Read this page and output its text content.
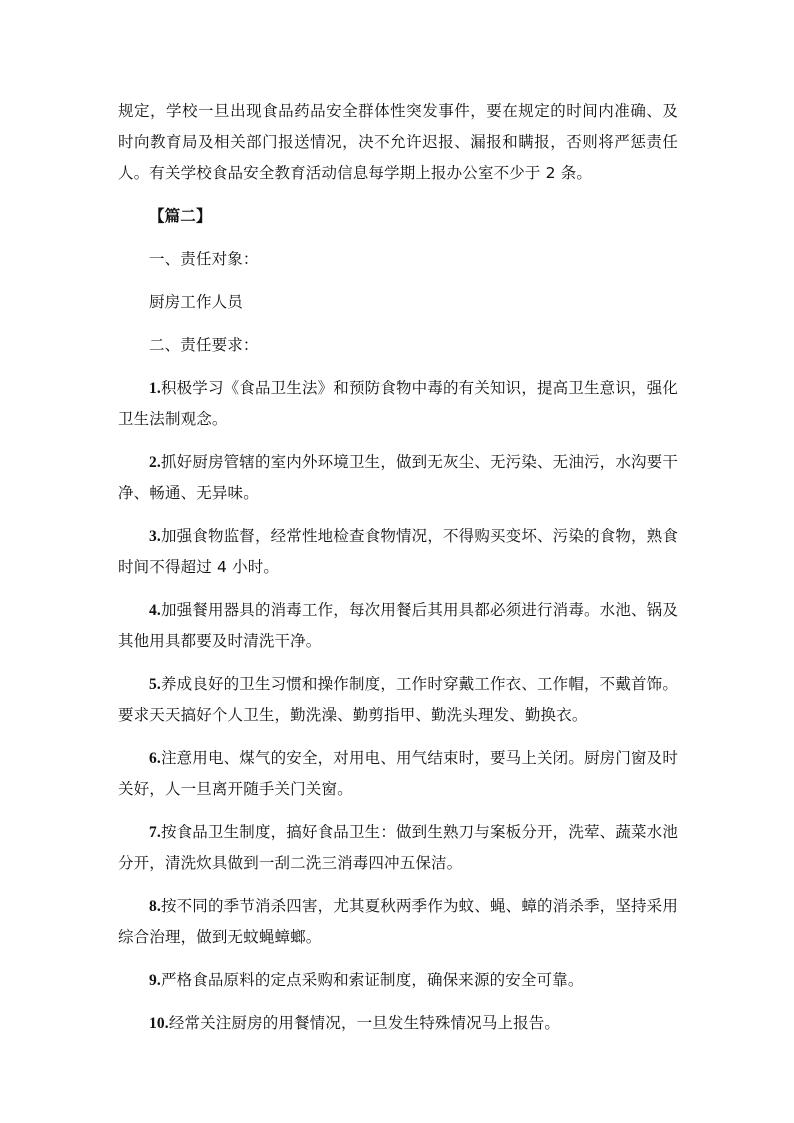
规定，学校一旦出现食品药品安全群体性突发事件，要在规定的时间内准确、及时向教育局及相关部门报送情况，决不允许迟报、漏报和瞒报，否则将严惩责任人。有关学校食品安全教育活动信息每学期上报办公室不少于 2 条。

【篇二】

一、责任对象：

厨房工作人员

二、责任要求：

1.积极学习《食品卫生法》和预防食物中毒的有关知识，提高卫生意识，强化卫生法制观念。

2.抓好厨房管辖的室内外环境卫生，做到无灰尘、无污染、无油污，水沟要干净、畅通、无异味。

3.加强食物监督，经常性地检查食物情况，不得购买变坏、污染的食物，熟食时间不得超过 4 小时。

4.加强餐用器具的消毒工作，每次用餐后其用具都必须进行消毒。水池、锅及其他用具都要及时清洗干净。

5.养成良好的卫生习惯和操作制度，工作时穿戴工作衣、工作帽，不戴首饰。要求天天搞好个人卫生，勤洗澡、勤剪指甲、勤洗头理发、勤换衣。

6.注意用电、煤气的安全，对用电、用气结束时，要马上关闭。厨房门窗及时关好，人一旦离开随手关门关窗。

7.按食品卫生制度，搞好食品卫生：做到生熟刀与案板分开，洗荤、蔬菜水池分开，清洗炊具做到一刮二洗三消毒四冲五保洁。

8.按不同的季节消杀四害，尤其夏秋两季作为蚊、蝇、蟑的消杀季，坚持采用综合治理，做到无蚊蝇蟑螂。

9.严格食品原料的定点采购和索证制度，确保来源的安全可靠。

10.经常关注厨房的用餐情况，一旦发生特殊情况马上报告。
